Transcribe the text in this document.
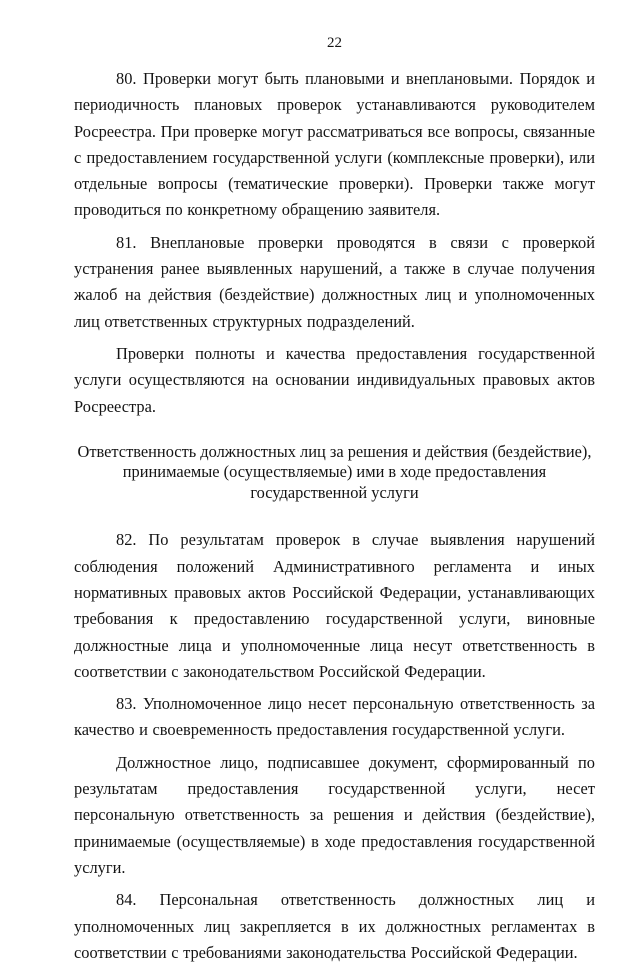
22

80. Проверки могут быть плановыми и внеплановыми. Порядок и периодичность плановых проверок устанавливаются руководителем Росреестра. При проверке могут рассматриваться все вопросы, связанные с предоставлением государственной услуги (комплексные проверки), или отдельные вопросы (тематические проверки). Проверки также могут проводиться по конкретному обращению заявителя.

81. Внеплановые проверки проводятся в связи с проверкой устранения ранее выявленных нарушений, а также в случае получения жалоб на действия (бездействие) должностных лиц и уполномоченных лиц ответственных структурных подразделений.

Проверки полноты и качества предоставления государственной услуги осуществляются на основании индивидуальных правовых актов Росреестра.

Ответственность должностных лиц за решения и действия (бездействие),
принимаемые (осуществляемые) ими в ходе предоставления
государственной услуги

82. По результатам проверок в случае выявления нарушений соблюдения положений Административного регламента и иных нормативных правовых актов Российской Федерации, устанавливающих требования к предоставлению государственной услуги, виновные должностные лица и уполномоченные лица несут ответственность в соответствии с законодательством Российской Федерации.

83. Уполномоченное лицо несет персональную ответственность за качество и своевременность предоставления государственной услуги.

Должностное лицо, подписавшее документ, сформированный по результатам предоставления государственной услуги, несет персональную ответственность за решения и действия (бездействие), принимаемые (осуществляемые) в ходе предоставления государственной услуги.

84. Персональная ответственность должностных лиц и уполномоченных лиц закрепляется в их должностных регламентах в соответствии с требованиями законодательства Российской Федерации.
